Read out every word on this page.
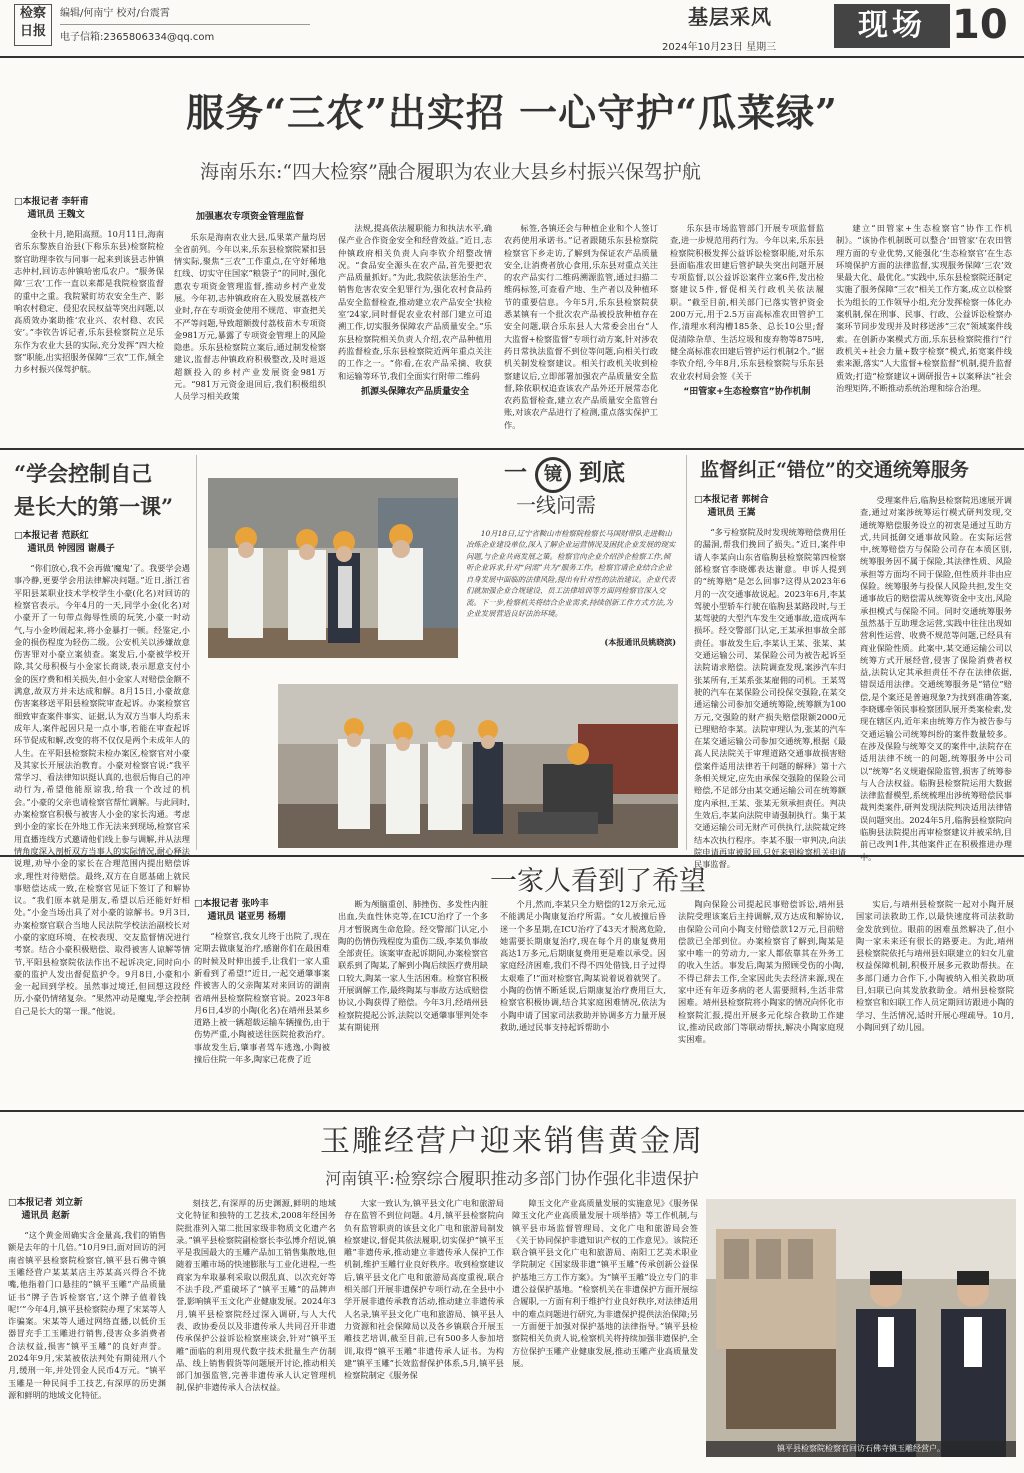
检察日报
编辑/何南宁 校对/台震霄
电子信箱:2365806334@qq.com
基层采风
2024年10月23日 星期三
现场 10
服务“三农”出实招 一心守护“瓜菜绿”
海南乐东:“四大检察”融合履职为农业大县乡村振兴保驾护航
□本报记者 李轩甫
通讯员 王魏文

金秋十月,艳阳高照。10月11日,海南省乐东黎族自治县(下称乐东县)检察院检察官助理李钦与同事一起来到该县志仲镇志仲村,回访志仲镇哈密瓜农户。“服务保障‘三农’工作一直以来都是我院检察监督的重中之重。我院紧盯坊农安全生产、影响农村稳定、侵犯农民权益等突出问题,以高质效办案助推‘农业兴、农村稳、农民安’。”李钦告诉记者,乐东县检察院立足乐东作为农业大县的实际,充分发挥“四大检察”职能,出实招服务保障“三农”工作,倾全力乡村振兴保驾护航。

加强惠农专项资金管理监督

乐东是海南农业大县,瓜果菜产量均居全省前列。今年以来,乐东县检察院紧扣县情实际,聚焦“三农”工作重点,在守好稀地红线、切实守住国家“粮袋子”的同时,强化惠农专项资金管理监督,推动乡村产业发展。今年初,志仲镇政府在入股发展荔枝产业时,存在专项资金使用不规范、审查把关不严等问题,导致超额拨付荔枝苗木专项资金981万元,暴露了专项资金管理上的风险隐患。乐东县检察院立案后,通过制发检察建议,监督志仲镇政府积极整改,及时退返超额投入的乡村产业发展资金981万元。“981万元资金退回后,我们积极组织人员学习相关政策

法规,提高依法履职能力和执法水平,确保产业合作资金安全和经营效益。”近日,志仲镇政府相关负责人向李钦介绍整改情况。“食品安全源头在农产品,首先要把农产品质量抓好。”为此,我院依法惩治生产、销售危害农安全犯罪行为,强化农村食品药品安全监督检查,推动建立农产品安全‘扶检室’24家,同时督促农业农村部门建立可追溯工作,切实服务保障农产品质量安全。”乐东县检察院相关负责人介绍,农产品种植用药监督检查,乐东县检察院近两年重点关注的工作之一。“你看,在农产品采摘、收获和运输等环节,我们全面实行附带二维码

抓源头保障农产品质量安全

标签,各镇还会与种植企业和个人签订农药使用承诺书。”记者跟随乐东县检察院检察官下乡走访,了解到为保证农产品质量安全,让消费者放心食用,乐东县对重点关注的农产品实行二维码溯源监管,通过扫描二维码标签,可查看产地、生产者以及种植环节的重要信息。今年5月,乐东县检察院获悉某镇有一个批次农产品被投放种植存在安全问题,联合乐东县人大常委会出台“人大监督+检察监督”专项行动方案,针对涉农药日常执法监督不到位等问题,向相关行政机关制发检察建议。相关行政机关收到检察建议后,立即部署加强农产品质量安全监督,除依职权追查该农产品外还开展常态化农药监督检查,建立农产品质量安全监管台账,对该农产品进行了检测,重点落实保护工作。

乐东县市场监管部门开展专项监督监查,进一步规范用药行为。今年以来,乐东县检察院积极发挥公益诉讼检察职能,对乐东县面临准农田建后管护缺失突出问题开展专项监督,以公益诉讼案件立案6件,发出检察建议5件,督促相关行政机关依法履职。“截至目前,相关部门已落实管护资金200万元,用于2.5万亩高标准农田管护工作,清理水利沟槽185条、总长10公里;督促清除杂草、生活垃圾和废弃物等875吨,健全高标准农田建后管护运行机制2个。”据李钦介绍,今年8月,乐东县检察院与乐东县农业农村局会签《关于

“田管家+生态检察官”协作机制

建立“田管家+生态检察官”协作工作机制》。“该协作机制既可以整合‘田管家’在农田管理方面的专业优势,又能强化‘生态检察官’在生态环境保护方面的法律监督,实现服务保障‘三农’效果最大化、最优化。”实践中,乐东县检察院还制定实施了服务保障“三农”相关工作方案,成立以检察长为组长的工作领导小组,充分发挥检察一体化办案机制,保在刑事、民事、行政、公益诉讼检察办案环节同步发现并及时移送涉“三农”领域案件线索。在创新办案模式方面,乐东县检察院推行“行政机关+社会力量+数字检察”模式,拓宽案件线索来源,落实“人大监督+检察监督”机制,提升监督质效;打造“检察建议+调研报告+以案释法”社会治理矩阵,不断推动系统治理和综合治理。

“学会控制自己
是长大的第一课”
□本报记者 范跃红
通讯员 钟园园 谢晨子

“你们放心,我不会再做‘魔鬼’了。我要学会遇事冷静,更要学会用法律解决问题。”近日,浙江省平阳县某职业技术学校学生小豪(化名)对回访的检察官表示。今年4月的一天,同学小金(化名)对小豪开了一句带点侮辱性质的玩笑,小豪一时动气,与小金吵闹起来,将小金暴打一顿。经鉴定,小金的损伤程度为轻伤二级。公安机关以涉嫌故意伤害罪对小豪立案侦查。案发后,小豪被学校开除,其父母积极与小金家长商谈,表示愿意支付小金的医疗费和相关损失,但小金家人对赔偿金额不满意,故双方并未达成和解。8月15日,小豪故意伤害案移送平阳县检察院审查起诉。办案检察官细致审查案件事实、证据,认为双方当事人均系未成年人,案件起因只是一点小事,若能在审查起诉环节促成和解,改变的将不仅仅是两个未成年人的人生。在平阳县检察院未检办案区,检察官对小豪及其家长开展法治教育。小豪对检察官说:“我平常学习、看法律知识挺认真的,也很后悔自己的冲动行为,希望他能原谅我,给我一个改过的机会。”小豪的父亲也请检察官帮忙调解。与此同时,办案检察官积极与被害人小金的家长沟通。考虑到小金的家长在外地工作无法来到现场,检察官采用直播连线方式邀请他们线上参与调解,并从法理情角度深入剖析双方当事人的实际情况,耐心释法说理,劝导小金的家长在合理范围内提出赔偿诉求,理性对待赔偿。最终,双方在自愿基础上就民事赔偿达成一致,在检察官见证下签订了和解协议。“我们原本就是朋友,希望以后还能好好相处。”小金当场出具了对小豪的谅解书。9月3日,办案检察官联合当地人民法院学校法治副校长对小豪的家庭环境、在校表现、交友监督情况进行考察。结合小豪积极赔偿、取得被害人谅解等情节,平阳县检察院依法作出不起诉决定,同时向小豪的监护人发出督促监护令。9月8日,小豪和小金一起回到学校。虽然事过境迁,但回想这段经历,小豪仍情绪复杂。“果然冲动是魔鬼,学会控制自己是长大的第一课。”他说。

一 镜 到底
一线问需
10月18日,辽宁省鞍山市检察院检察长马国财带队走进鞍山冶炼企业建设单位,深入了解企业运营情况及困扰企业发展的现实问题,与企业共商发展之策。检察官向企业介绍涉企检察工作,倾听企业诉求,针对“问需”共为“服务工作。检察官请企业结合企业自身发展中面临的法律风险,提出有针对性的法治建议。企业代表们就加强企业合规建设、员工法律培训等方面同检察官深入交流。下一步,检察机关将结合企业需求,持续创新工作方式方法,为企业发展营造良好法治环境。
(本报通讯员姚晓滨)
监督纠正“错位”的交通统筹服务
□本报记者 郭树合
通讯员 王嵩

“多亏检察院及时发现统筹赔偿费用任的漏洞,帮我们挽回了损失。”近日,案件申请人李某向山东省临朐县检察院第四检察部检察官李晓娜表达谢意。申诉人提到的“统筹赔”是怎么回事?这得从2023年6月的一次交通事故说起。2023年6月,李某驾驶小型轿车行驶在临朐县某路段时,与王某驾驶的大型汽车发生交通事故,造成两车损坏。经交警部门认定,王某承担事故全部责任。事故发生后,李某认王某、张某、某交通运输公司、某保险公司为被告起诉至法院请求赔偿。法院调查发现,案涉汽车归张某所有,王某系张某雇佣的司机。王某驾驶的汽车在某保险公司投保交强险,在某交通运输公司参加交通统筹险,统筹额为100万元,交强险的财产损失赔偿限额2000元已理赔给李某。法院审理认为,张某的汽车在某交通运输公司参加交通统筹,根据《最高人民法院关于审理道路交通事故损害赔偿案件适用法律若干问题的解释》第十六条相关规定,应先由承保交强险的保险公司赔偿,不足部分由某交通运输公司在统筹额度内承担,王某、张某无须承担责任。判决生效后,李某向法院申请强制执行。集于某交通运输公司无财产可供执行,法院裁定终结本次执行程序。李某不服一审判决,向法院申请再审被驳回,只好来到检察机关申请民事监督。

受理案件后,临朐县检察院迅速展开调查,通过对案涉统筹运行模式研判发现,交通统筹赔偿服务设立的初衷是通过互助方式,共同抵御交通事故风险。在实际运营中,统筹赔偿方与保险公司存在本质区别,统筹服务因不属于保险,其法律性质、风险承担等方面均不同于保险,但性质并非由应保险。统筹服务与投保人风险共担,发生交通事故后的赔偿需从统筹资金中支出,风险承担模式与保险不同。同时交通统筹服务虽然基于互助理念运营,实践中往往出现如营利性运营、收费不规范等问题,已经具有商业保险性质。此案中,某交通运输公司以统筹方式开展经营,侵害了保险消费者权益,法院认定其承担责任不存在法律依据,错误适用法律。交通统筹服务是“错位”赔偿,是个案还是普遍现象?为找到准确答案,李晓娜牵领民事检察团队展开类案检索,发现在辖区内,近年来由统筹方作为被告参与交通运输公司统筹纠纷的案件数量较多。在涉及保险与统筹交叉的案件中,法院存在适用法律不统一的问题,统筹服务中公司以“统筹”名义规避保险监管,损害了统筹参与人合法权益。临朐县检察院运用大数据法律监督模型,系统梳理出涉统筹赔偿民事裁判类案件,研判发现法院判决适用法律错误问题突出。2024年5月,临朐县检察院向临朐县法院提出再审检察建议并被采纳,目前已改判1件,其他案件正在积极推进办理中。

一家人看到了希望
□本报记者 张吟丰
通讯员 谌亚男 杨堋

“检察官,我女儿终于出院了,现在定期去做康复治疗,感谢你们在最困难的时候及时伸出援手,让我们一家人重新看到了希望!”近日,一起交通肇事案件被害人的父亲陶某对来回访的湖南省靖州县检察院检察官说。2023年8月6日,4岁的小陶(化名)在靖州县某乡道路上被一辆超载运输车辆撞伤,由于伤势严重,小陶被送往医院抢救治疗。事故发生后,肇事者驾车逃逸,小陶被撞后住院一年多,陶家已花费了近

断为颅脑重创、肺挫伤、多发性内脏出血,失血性休克等,在ICU治疗了一个多月才暂脱离生命危险。经交警部门认定,小陶的伤情伤残程度为重伤二级,李某负事故全部责任。该案审查起诉期间,办案检察官联系到了陶某,了解到小陶后续医疗费用缺口较大,陶某一家人生活困难。检察官积极开展调解工作,最终陶某与事故方达成赔偿协议,小陶获得了赔偿。今年3月,经靖州县检察院提起公诉,法院以交通肇事罪判处李某有期徒刑

个月,然而,李某只全力赔偿的12万余元,远不能满足小陶康复治疗所需。“女儿被撞后昏迷一个多星期,在ICU治疗了43天才脱离危险,她需要长期康复治疗,现在每个月的康复费用高达1万多元,后期康复费用更是难以承受。因家庭经济困难,我们不得不四处借钱,日子过得太艰难了!”面对检察官,陶某说着说着就哭了。小陶的伤情不断延误,后期康复治疗费用巨大,检察官积极协调,结合其家庭困难情况,依法为小陶申请了国家司法救助并协调多方力量开展救助,通过民事支持起诉帮助小

陶向保险公司提起民事赔偿诉讼,靖州县法院受理该案后主持调解,双方达成和解协议,由保险公司向小陶支付赔偿款12万元,目前赔偿款已全部到位。办案检察官了解到,陶某是家中唯一的劳动力,一家人都依靠其在外务工的收入生活。事发后,陶某为照顾受伤的小陶,不得已辞去工作,全家因此失去经济来源,现在家中还有年迈多病的老人需要照料,生活非常困难。靖州县检察院将小陶家的情况向怀化市检察院汇报,提出开展多元化综合救助工作建议,推动民政部门等联动帮扶,解决小陶家庭现实困难。

实后,与靖州县检察院一起对小陶开展国家司法救助工作,以最快速度将司法救助金发放到位。眼前的困难虽然解决了,但小陶一家未来还有很长的路要走。为此,靖州县检察院依托与靖州县妇联建立的妇女儿童权益保障机制,积极开展多元救助帮扶。在多部门通力合作下,小陶被纳入相关救助项目,妇联已向其发放救助金。靖州县检察院检察官和妇联工作人员定期回访跟进小陶的学习、生活情况,适时开展心理疏导。10月,小陶回到了幼儿园。

玉雕经营户迎来销售黄金周
河南镇平:检察综合履职推动多部门协作强化非遗保护
□本报记者 刘立新
通讯员 赵新

“这个黄金周确实含金量高,我们的销售额是去年的十几倍。”10月9日,面对回访的河南省镇平县检察院检察官,镇平县石佛寺镇玉雕经营户某某某店主苏某高兴得合不拢嘴,他指着门口悬挂的“镇平玉雕”产品质量证书“牌子告诉检察官,‘这个牌子值着钱呢!’”今年4月,镇平县检察院办理了宋某等人诈骗案。宋某等人通过网络直播,以低价玉器冒充手工玉雕进行销售,侵害众多消费者合法权益,损害“镇平玉雕”的良好声誉。2024年9月,宋某被依法判处有期徒刑八个月,缓刑一年,并处罚金人民币4万元。“镇平玉雕是一种民间手工技艺,有深厚的历史渊源和鲜明的地域文化特征。

刻技艺,有深厚的历史渊源,鲜明的地域文化特征和独特的工艺技术,2008年经国务院批准列入第二批国家级非物质文化遗产名录。”镇平县检察院副检察长李弘博介绍说,镇平是我国最大的玉雕产品加工销售集散地,但随着玉雕市场的快速膨胀与工业化进程,一些商家为牟取暴利采取以假乱真、以次充好等不法手段,严重破坏了“镇平玉雕”的品牌声誉,影响镇平玉文化产业健康发展。2024年3月,镇平县检察院经过深入调研,与人大代表、政协委员以及非遗传承人共同召开非遗传承保护公益诉讼检察座谈会,针对“镇平玉雕”面临的利用现代数字技术批量生产仿制品、线上销售假货等问题展开讨论,推动相关部门加强监管,完善非遗传承人认定管理机制,保护非遗传承人合法权益。

大家一致认为,镇平县文化广电和旅游局存在监管不到位问题。4月,镇平县检察院向负有监管职责的该县文化广电和旅游局制发检察建议,督促其依法履职,切实保护“镇平玉雕”非遗传承,推动建立非遗传承人保护工作机制,维护玉雕行业良好秩序。收到检察建议后,镇平县文化广电和旅游局高度重视,联合相关部门开展非遗保护专项行动,在全县中小学开展非遗传承教育活动,推动建立非遗传承人名录,镇平县文化广电和旅游局、镇平县人力资源和社会保障局以及各乡镇联合开展玉雕技艺培训,截至目前,已有500多人参加培训,取得“镇平玉雕”非遗传承人证书。为构建“镇平玉雕”长效监督保护体系,5月,镇平县检察院制定《服务保

障玉文化产业高质量发展的实施意见》《服务保障玉文化产业高质量发展十项举措》等工作机制,与镇平县市场监督管理局、文化广电和旅游局会签《关于协同保护非遗知识产权的工作意见》。该院还联合镇平县文化广电和旅游局、南阳工艺美术职业学院制定《国家级非遗“镇平玉雕”传承创新公益保护基地三方工作方案》。为“镇平玉雕”设立专门的非遗公益保护基地。“检察机关在非遗保护方面开展综合履职,一方面有利于维护行业良好秩序,对法律适用中的难点问题进行研究,为非遗保护提供法治保障;另一方面便于加强对保护基地的法律指导。”镇平县检察院相关负责人说,检察机关将持续加强非遗保护,全方位保护玉雕产业健康发展,推动玉雕产业高质量发展。

镇平县检察院检察官回访石佛寺镇玉雕经营户。
